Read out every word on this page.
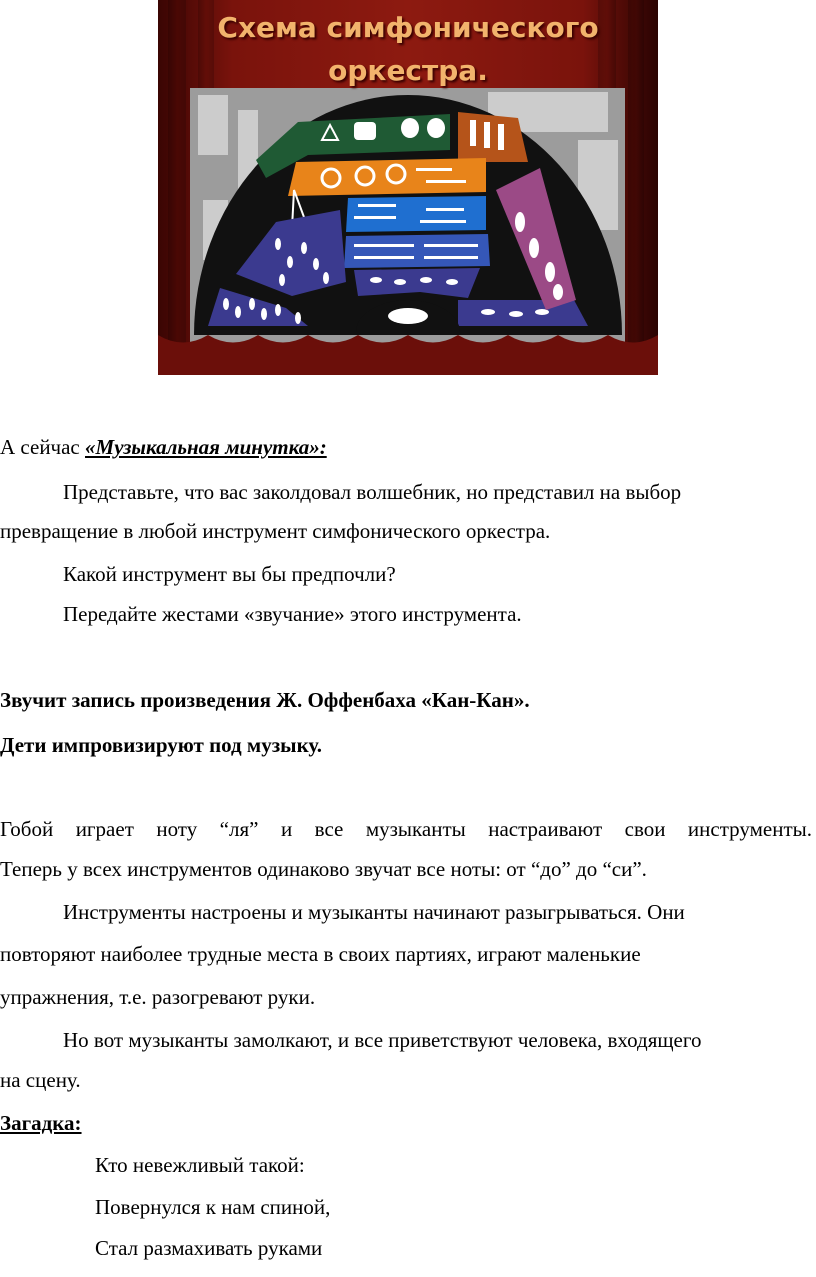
Схема симфонического
оркестра.
А сейчас «Музыкальная минутка»:
Представьте, что вас заколдовал волшебник, но представил на выбор
превращение в любой инструмент симфонического оркестра.
Какой инструмент вы бы предпочли?
Передайте жестами «звучание» этого инструмента.
Звучит запись произведения Ж. Оффенбаха «Кан-Кан».
Дети импровизируют под музыку.
Гобой играет ноту “ля” и все музыканты настраивают свои инструменты.
Теперь у всех инструментов одинаково звучат все ноты: от “до” до “си”.
Инструменты настроены и музыканты начинают разыгрываться. Они
повторяют наиболее трудные места в своих партиях, играют маленькие
упражнения, т.е. разогревают руки.
Но вот музыканты замолкают, и все приветствуют человека, входящего
на сцену.
Загадка:
Кто невежливый такой:
Повернулся к нам спиной,
Стал размахивать руками
